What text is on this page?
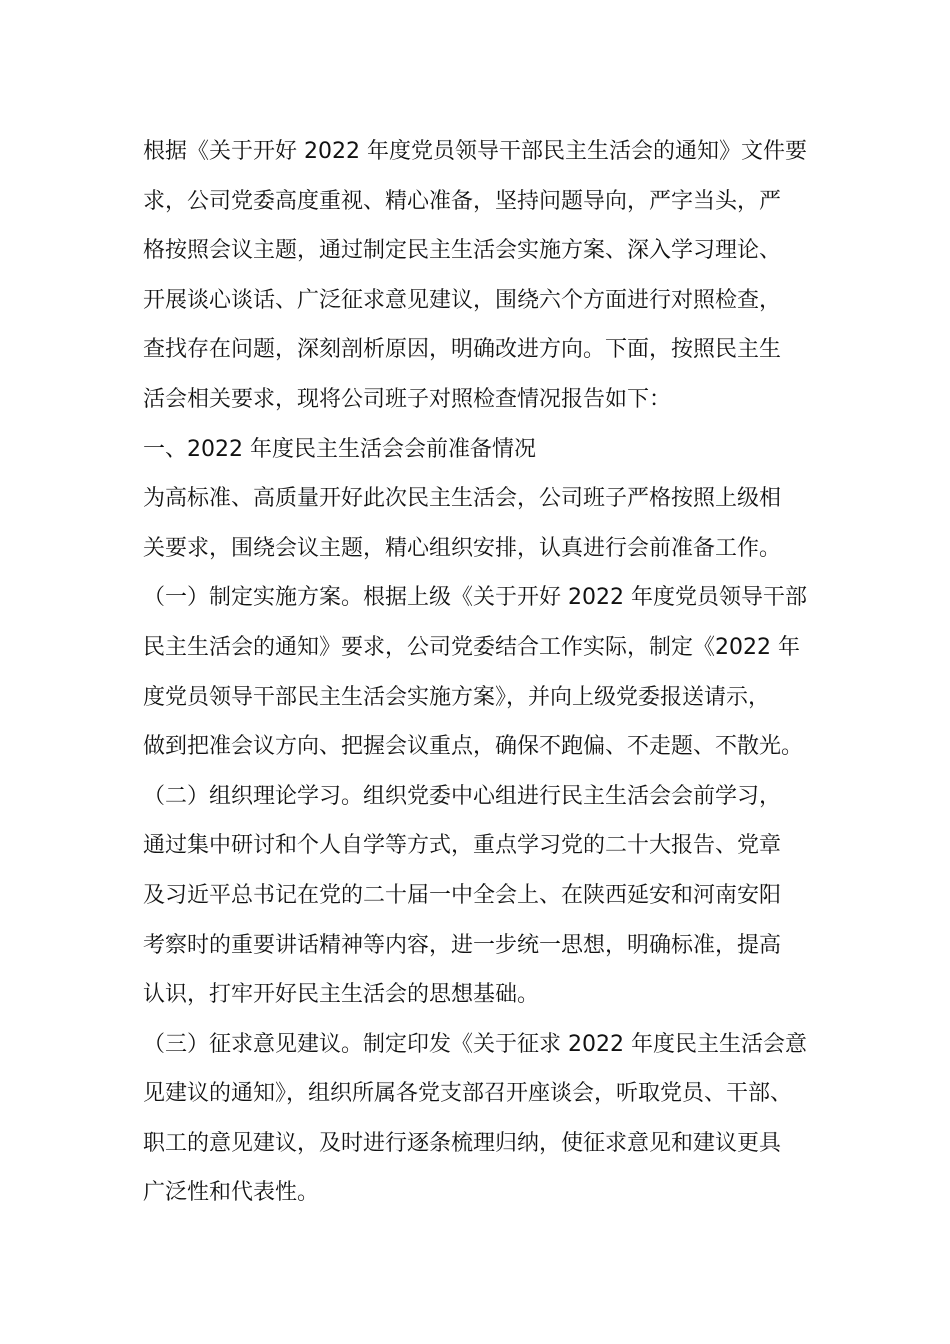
根据《关于开好 2022 年度党员领导干部民主生活会的通知》文件要
求，公司党委高度重视、精心准备，坚持问题导向，严字当头，严
格按照会议主题，通过制定民主生活会实施方案、深入学习理论、
开展谈心谈话、广泛征求意见建议，围绕六个方面进行对照检查，
查找存在问题，深刻剖析原因，明确改进方向。下面，按照民主生
活会相关要求，现将公司班子对照检查情况报告如下：
一、2022 年度民主生活会会前准备情况
为高标准、高质量开好此次民主生活会，公司班子严格按照上级相
关要求，围绕会议主题，精心组织安排，认真进行会前准备工作。
（一）制定实施方案。根据上级《关于开好 2022 年度党员领导干部
民主生活会的通知》要求，公司党委结合工作实际，制定《2022 年
度党员领导干部民主生活会实施方案》，并向上级党委报送请示，
做到把准会议方向、把握会议重点，确保不跑偏、不走题、不散光。
（二）组织理论学习。组织党委中心组进行民主生活会会前学习，
通过集中研讨和个人自学等方式，重点学习党的二十大报告、党章
及习近平总书记在党的二十届一中全会上、在陕西延安和河南安阳
考察时的重要讲话精神等内容，进一步统一思想，明确标准，提高
认识，打牢开好民主生活会的思想基础。
（三）征求意见建议。制定印发《关于征求 2022 年度民主生活会意
见建议的通知》，组织所属各党支部召开座谈会，听取党员、干部、
职工的意见建议，及时进行逐条梳理归纳，使征求意见和建议更具
广泛性和代表性。
